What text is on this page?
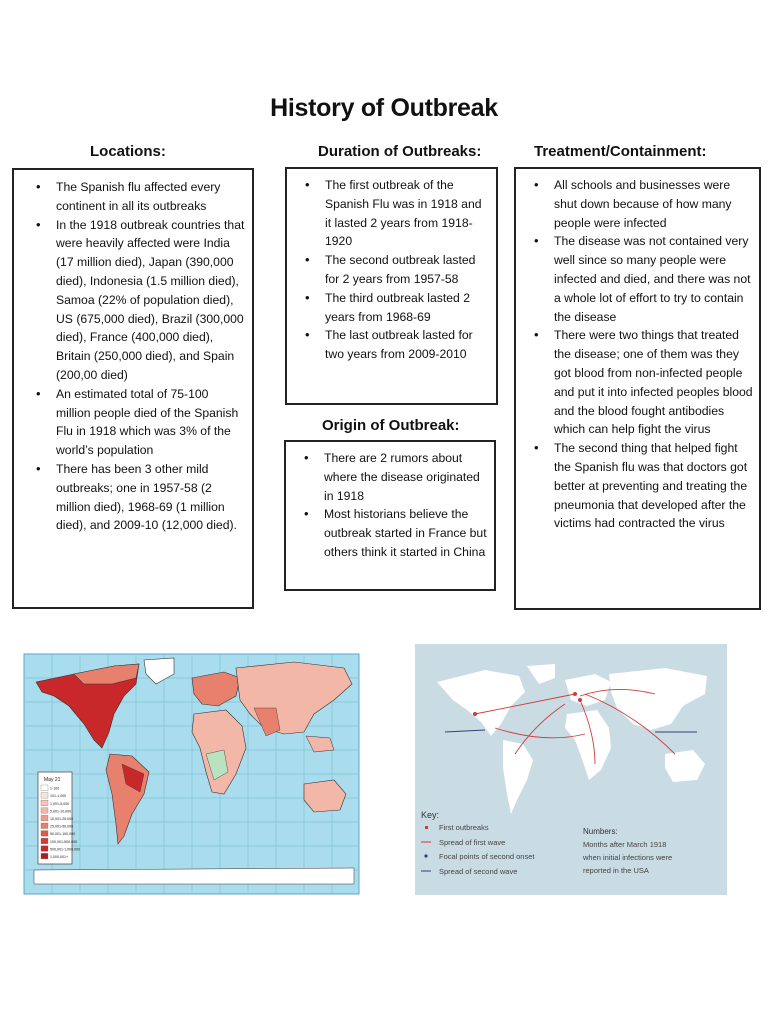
History of Outbreak
Locations:
• The Spanish flu affected every continent in all its outbreaks
• In the 1918 outbreak countries that were heavily affected were India (17 million died), Japan (390,000 died), Indonesia (1.5 million died), Samoa (22% of population died), US (675,000 died), Brazil (300,000 died), France (400,000 died), Britain (250,000 died), and Spain (200,00 died)
• An estimated total of 75-100 million people died of the Spanish Flu in 1918 which was 3% of the world’s population
• There has been 3 other mild outbreaks; one in 1957-58 (2 million died), 1968-69 (1 million died), and 2009-10 (12,000 died).
Duration of Outbreaks:
• The first outbreak of the Spanish Flu was in 1918 and it lasted 2 years from 1918-1920
• The second outbreak lasted for 2 years from 1957-58
• The third outbreak lasted 2 years from 1968-69
• The last outbreak lasted for two years from 2009-2010
Origin of Outbreak:
• There are 2 rumors about where the disease originated in 1918
• Most historians believe the outbreak started in France but others think it started in China
Treatment/Containment:
• All schools and businesses were shut down because of how many people were infected
• The disease was not contained very well since so many people were infected and died, and there was not a whole lot of effort to try to contain the disease
• There were two things that treated the disease; one of them was they got blood from non-infected people and put it into infected peoples blood and the blood fought antibodies which can help fight the virus
• The second thing that helped fight the Spanish flu was that doctors got better at preventing and treating the pneumonia that developed after the victims had contracted the virus
May 21
1-100
101-1,000
1,001-5,000
5,001-10,000
10,001-25,000
25,001-50,000
50,001-100,000
100,001-500,000
500,001-1,000,000
1,000,001+
Key:
First outbreaks
Spread of first wave
Focal points of second onset
Spread of second wave
Numbers:
Months after March 1918
when initial infections were
reported in the USA
